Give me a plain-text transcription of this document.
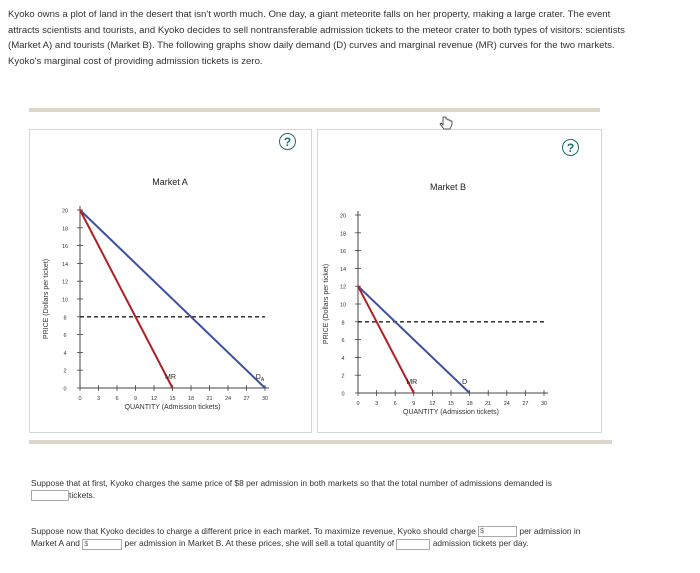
Kyoko owns a plot of land in the desert that isn't worth much. One day, a giant meteorite falls on her property, making a large crater. The event
attracts scientists and tourists, and Kyoko decides to sell nontransferable admission tickets to the meteor crater to both types of visitors: scientists
(Market A) and tourists (Market B). The following graphs show daily demand (D) curves and marginal revenue (MR) curves for the two markets.
Kyoko's marginal cost of providing admission tickets is zero.
?
Market A
0
2
4
6
8
10
12
14
16
18
20
0	3	6	9	12 15 18 21 24 27 30
PRICE (Dollars per ticket)
QUANTITY (Admission tickets)
$D_A$
MR
?
Market B
0
2
4
6
8
10
12
14
16
18
20
0	3	6	9	12 15 18 21 24 27 30
PRICE (Dollars per ticket)
QUANTITY (Admission tickets)
D
MR
Suppose that at first, Kyoko charges the same price of $8 per admission in both markets so that the total number of admissions demanded is
tickets.
Suppose now that Kyoko decides to charge a different price in each market. To maximize revenue, Kyoko should charge $	per admission in
Market A and $	per admission in Market B. At these prices, she will sell a total quantity of	admission tickets per day.
